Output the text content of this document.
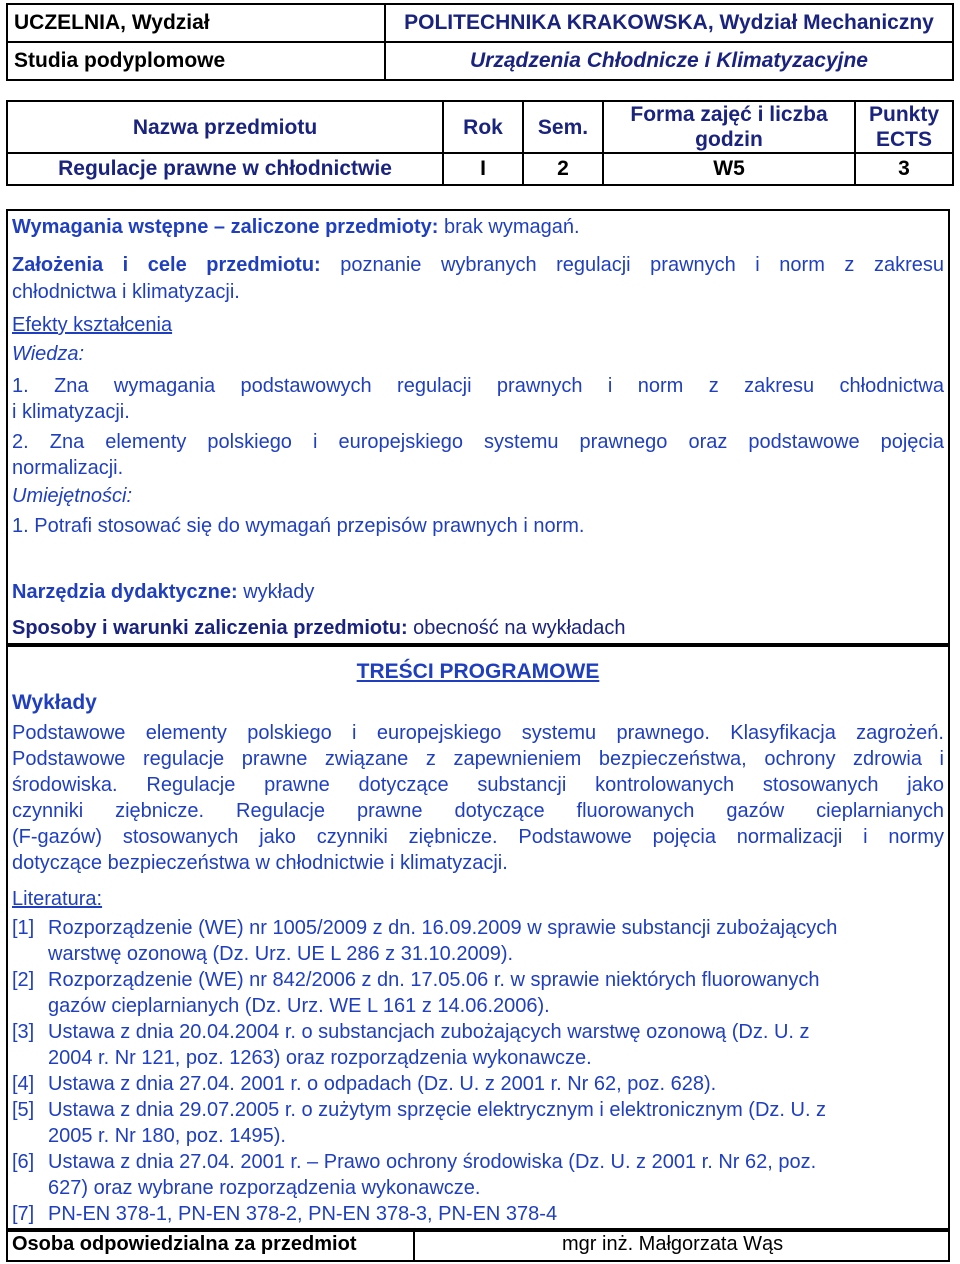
UCZELNIA, Wydział	POLITECHNIKA KRAKOWSKA, Wydział Mechaniczny
Studia podyplomowe	Urządzenia Chłodnicze i Klimatyzacyjne
Nazwa przedmiotu	Rok	Sem.	Forma zajęć i liczba godzin	Punkty ECTS
Regulacje prawne w chłodnictwie	I	2	W5	3
Wymagania wstępne – zaliczone przedmioty: brak wymagań.
Założenia i cele przedmiotu: poznanie wybranych regulacji prawnych i norm z zakresu
chłodnictwa i klimatyzacji.
Efekty kształcenia
Wiedza:
1. Zna wymagania podstawowych regulacji prawnych i norm z zakresu chłodnictwa
i klimatyzacji.
2. Zna elementy polskiego i europejskiego systemu prawnego oraz podstawowe pojęcia
normalizacji.
Umiejętności:
1. Potrafi stosować się do wymagań przepisów prawnych i norm.
Narzędzia dydaktyczne: wykłady
Sposoby i warunki zaliczenia przedmiotu: obecność na wykładach
TREŚCI PROGRAMOWE
Wykłady
Podstawowe elementy polskiego i europejskiego systemu prawnego. Klasyfikacja zagrożeń.
Podstawowe regulacje prawne związane z zapewnieniem bezpieczeństwa, ochrony zdrowia i
środowiska. Regulacje prawne dotyczące substancji kontrolowanych stosowanych jako
czynniki ziębnicze. Regulacje prawne dotyczące fluorowanych gazów cieplarnianych
(F-gazów) stosowanych jako czynniki ziębnicze. Podstawowe pojęcia normalizacji i normy
dotyczące bezpieczeństwa w chłodnictwie i klimatyzacji.
Literatura:
[1] Rozporządzenie (WE) nr 1005/2009 z dn. 16.09.2009 w sprawie substancji zubożających
warstwę ozonową (Dz. Urz. UE L 286 z 31.10.2009).
[2] Rozporządzenie (WE) nr 842/2006 z dn. 17.05.06 r. w sprawie niektórych fluorowanych
gazów cieplarnianych (Dz. Urz. WE L 161 z 14.06.2006).
[3] Ustawa z dnia 20.04.2004 r. o substancjach zubożających warstwę ozonową (Dz. U. z
2004 r. Nr 121, poz. 1263) oraz rozporządzenia wykonawcze.
[4] Ustawa z dnia 27.04. 2001 r. o odpadach (Dz. U. z 2001 r. Nr 62, poz. 628).
[5] Ustawa z dnia 29.07.2005 r. o zużytym sprzęcie elektrycznym i elektronicznym (Dz. U. z
2005 r. Nr 180, poz. 1495).
[6] Ustawa z dnia 27.04. 2001 r. – Prawo ochrony środowiska (Dz. U. z 2001 r. Nr 62, poz.
627) oraz wybrane rozporządzenia wykonawcze.
[7] PN-EN 378-1, PN-EN 378-2, PN-EN 378-3, PN-EN 378-4
Osoba odpowiedzialna za przedmiot	mgr inż. Małgorzata Wąs
